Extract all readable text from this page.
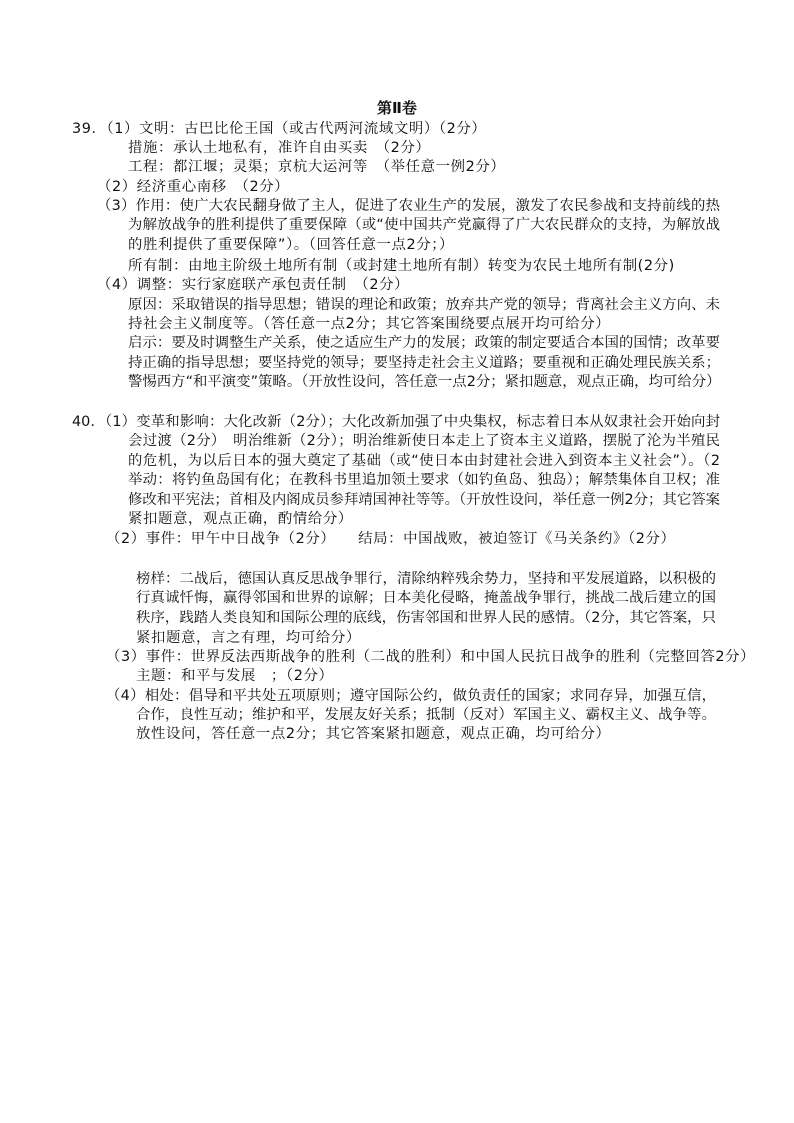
第Ⅱ卷
39．（1）文明：古巴比伦王国（或古代两河流域文明）（2分）
措施：承认土地私有，准许自由买卖　（2分）
工程：都江堰；灵渠；京杭大运河等　（举任意一例2分）
（2）经济重心南移　（2分）
（3）作用：使广大农民翻身做了主人，促进了农业生产的发展，激发了农民参战和支持前线的热
为解放战争的胜利提供了重要保障（或“使中国共产党赢得了广大农民群众的支持，为解放战
的胜利提供了重要保障”）。（回答任意一点2分；）
所有制：由地主阶级土地所有制（或封建土地所有制）转变为农民土地所有制(2分)
（4）调整：实行家庭联产承包责任制　（2分）
原因：采取错误的指导思想；错误的理论和政策；放弃共产党的领导；背离社会主义方向、未
持社会主义制度等。（答任意一点2分；其它答案围绕要点展开均可给分）
启示：要及时调整生产关系，使之适应生产力的发展；政策的制定要适合本国的国情；改革要
持正确的指导思想；要坚持党的领导；要坚持走社会主义道路；要重视和正确处理民族关系；
警惕西方“和平演变”策略。（开放性设问，答任意一点2分；紧扣题意，观点正确，均可给分）
40．（1）变革和影响：大化改新（2分）；大化改新加强了中央集权，标志着日本从奴隶社会开始向封
会过渡（2分）　明治维新（2分）；明治维新使日本走上了资本主义道路，摆脱了沦为半殖民
的危机，为以后日本的强大奠定了基础（或“使日本由封建社会进入到资本主义社会”）。（2
举动：将钓鱼岛国有化；在教科书里追加领土要求（如钓鱼岛、独岛）；解禁集体自卫权；准
修改和平宪法；首相及内阁成员参拜靖国神社等等。（开放性设问，举任意一例2分；其它答案
紧扣题意，观点正确，酌情给分）
（2）事件：甲午中日战争（2分）　　结局：中国战败，被迫签订《马关条约》（2分）
榜样：二战后，德国认真反思战争罪行，清除纳粹残余势力，坚持和平发展道路，以积极的
行真诚忏悔，赢得邻国和世界的谅解；日本美化侵略，掩盖战争罪行，挑战二战后建立的国
秩序，践踏人类良知和国际公理的底线，伤害邻国和世界人民的感情。（2分，其它答案，只
紧扣题意，言之有理，均可给分）
（3）事件：世界反法西斯战争的胜利（二战的胜利）和中国人民抗日战争的胜利（完整回答2分）
主题：和平与发展　；（2分）
（4）相处：倡导和平共处五项原则；遵守国际公约，做负责任的国家；求同存异，加强互信，
合作，良性互动；维护和平，发展友好关系；抵制（反对）军国主义、霸权主义、战争等。
放性设问，答任意一点2分；其它答案紧扣题意，观点正确，均可给分）
